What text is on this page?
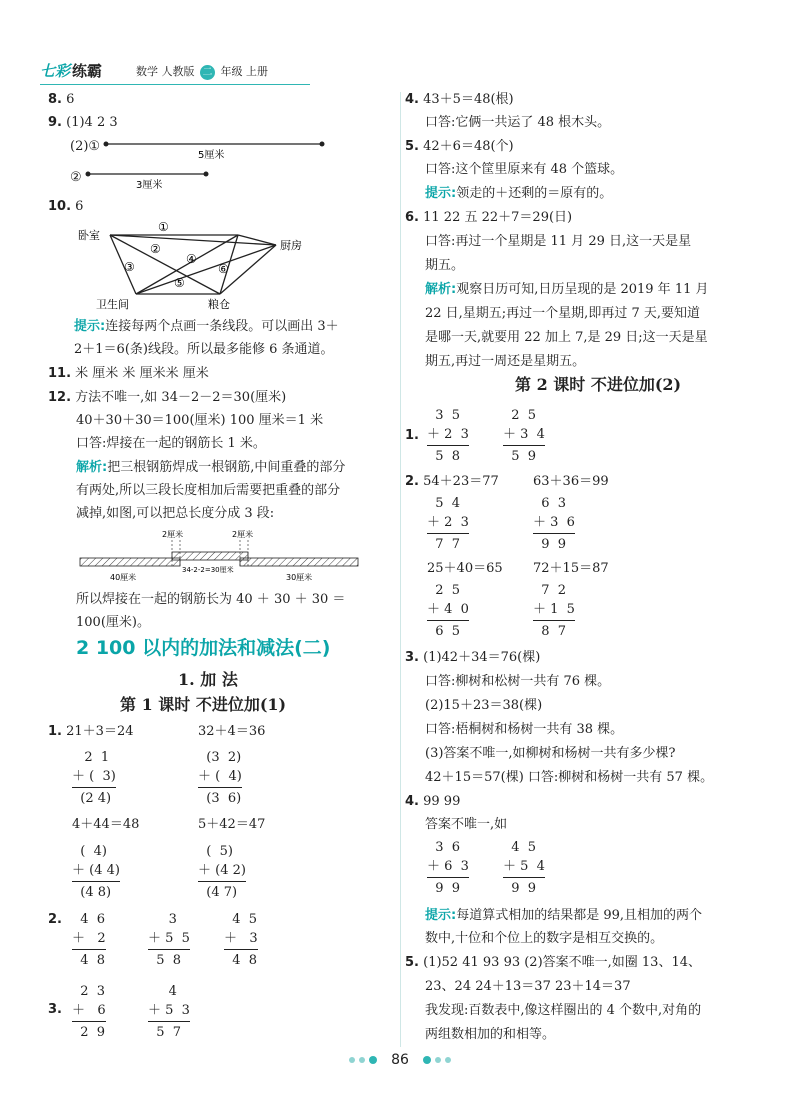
七彩 练霸	数学 人教版 二 年级 上册
8. 6
9. (1)4 2 3
(2)①
②
5厘米
3厘米
10. 6
卧室
厨房
卫生间	粮仓
①
②
③
④
⑤
⑥
提示:连接每两个点画一条线段。可以画出 3＋
2＋1＝6(条)线段。所以最多能修 6 条通道。
11. 米 厘米 米 厘米米 厘米
12. 方法不唯一,如 34－2－2＝30(厘米)
40＋30＋30＝100(厘米) 100 厘米＝1 米
口答:焊接在一起的钢筋长 1 米。
解析:把三根钢筋焊成一根钢筋,中间重叠的部分
有两处,所以三段长度相加后需要把重叠的部分
减掉,如图,可以把总长度分成 3 段:
2厘米	2厘米
40厘米
34-2-2=30厘米
30厘米
所以焊接在一起的钢筋长为 40 ＋ 30 ＋ 30 ＝
100(厘米)。
2 100 以内的加法和减法(二)
1. 加 法
第 1 课时 不进位加(1)
1. 21＋3＝24	32＋4＝36
2  1
＋ (  3)
(2 4)
(3  2)
＋ (  4)
(3  6)
4＋44＝48	5＋42＝47
(  4)
＋ (4 4)
(4 8)
(  5)
＋ (4 2)
(4 7)
2. 4  6
＋   2
4  8
3
＋ 5  5
5  8
4  5
＋   3
4  8
3.
2  3
＋   6
2  9
4
＋ 5  3
5  7
4. 43＋5＝48(根)
口答:它俩一共运了 48 根木头。
5. 42＋6＝48(个)
口答:这个筐里原来有 48 个篮球。
提示:领走的＋还剩的＝原有的。
6. 11 22 五 22＋7＝29(日)
口答:再过一个星期是 11 月 29 日,这一天是星
期五。
解析:观察日历可知,日历呈现的是 2019 年 11 月
22 日,星期五;再过一个星期,即再过 7 天,要知道
是哪一天,就要用 22 加上 7,是 29 日;这一天是星
期五,再过一周还是星期五。
第 2 课时 不进位加(2)
1.
3  5
＋ 2  3
5  8
2  5
＋ 3  4
5  9
2. 54＋23＝77	63＋36＝99
5  4
＋ 2  3
7  7
6  3
＋ 3  6
9  9
25＋40＝65 72＋15＝87
2  5
＋ 4  0
6  5
7  2
＋ 1  5
8  7
3. (1)42＋34＝76(棵)
口答:柳树和松树一共有 76 棵。
(2)15＋23＝38(棵)
口答:梧桐树和杨树一共有 38 棵。
(3)答案不唯一,如柳树和杨树一共有多少棵?
42＋15＝57(棵) 口答:柳树和杨树一共有 57 棵。
4. 99 99
答案不唯一,如
3  6
＋ 6  3
9  9
4  5
＋ 5  4
9  9
提示:每道算式相加的结果都是 99,且相加的两个
数中,十位和个位上的数字是相互交换的。
5. (1)52 41 93 93 (2)答案不唯一,如圈 13、14、
23、24 24＋13＝37 23＋14＝37
我发现:百数表中,像这样圈出的 4 个数中,对角的
两组数相加的和相等。
86
